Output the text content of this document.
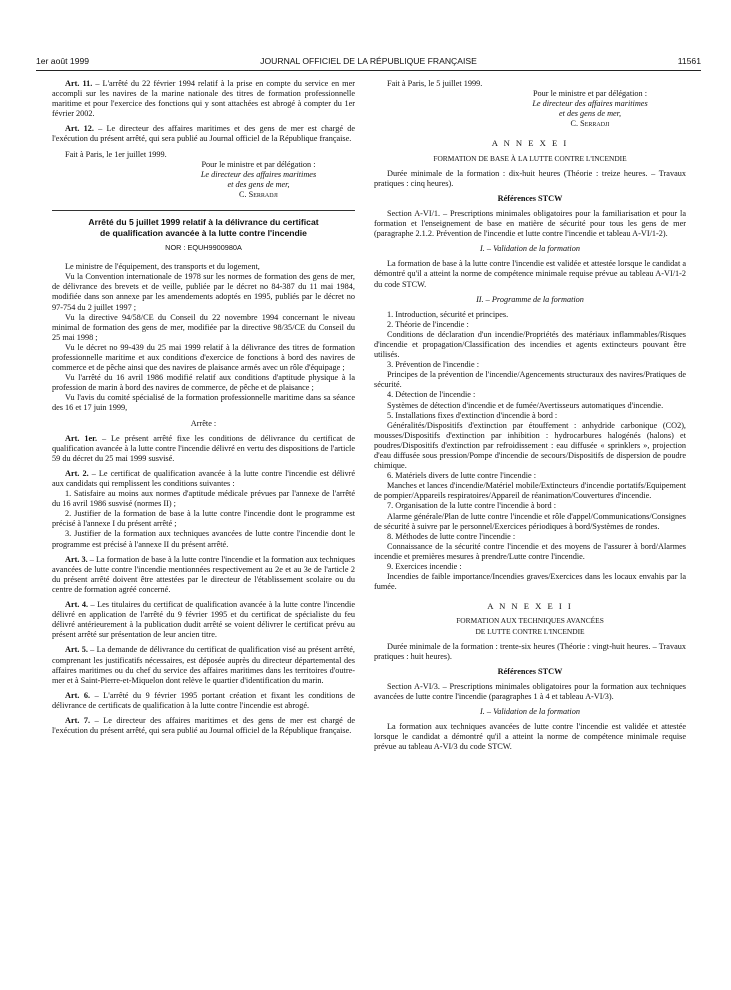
1er août 1999	JOURNAL OFFICIEL DE LA RÉPUBLIQUE FRANÇAISE	11561

Art. 11. – L'arrêté du 22 février 1994 relatif à la prise en compte du service en mer accompli sur les navires de la marine nationale des titres de formation professionnelle maritime et pour l'exercice des fonctions qui y sont attachées est abrogé à compter du 1er février 2002.

Art. 12. – Le directeur des affaires maritimes et des gens de mer est chargé de l'exécution du présent arrêté, qui sera publié au Journal officiel de la République française.

Fait à Paris, le 1er juillet 1999.

Pour le ministre et par délégation :

Le directeur des affaires maritimes

et des gens de mer,

C. Serradji

Arrêté du 5 juillet 1999 relatif à la délivrance du certificat

de qualification avancée à la lutte contre l'incendie

NOR : EQUH9900980A

Le ministre de l'équipement, des transports et du logement,

Vu la Convention internationale de 1978 sur les normes de formation des gens de mer, de délivrance des brevets et de veille, publiée par le décret no 84-387 du 11 mai 1984, modifiée dans son annexe par les amendements adoptés en 1995, publiés par le décret no 97-754 du 2 juillet 1997 ;

Vu la directive 94/58/CE du Conseil du 22 novembre 1994 concernant le niveau minimal de formation des gens de mer, modifiée par la directive 98/35/CE du Conseil du 25 mai 1998 ;

Vu le décret no 99-439 du 25 mai 1999 relatif à la délivrance des titres de formation professionnelle maritime et aux conditions d'exercice de fonctions à bord des navires de commerce et de pêche ainsi que des navires de plaisance armés avec un rôle d'équipage ;

Vu l'arrêté du 16 avril 1986 modifié relatif aux conditions d'aptitude physique à la profession de marin à bord des navires de commerce, de pêche et de plaisance ;

Vu l'avis du comité spécialisé de la formation professionnelle maritime dans sa séance des 16 et 17 juin 1999,

Arrête :

Art. 1er. – Le présent arrêté fixe les conditions de délivrance du certificat de qualification avancée à la lutte contre l'incendie délivré en vertu des dispositions de l'article 59 du décret du 25 mai 1999 susvisé.

Art. 2. – Le certificat de qualification avancée à la lutte contre l'incendie est délivré aux candidats qui remplissent les conditions suivantes :

1. Satisfaire au moins aux normes d'aptitude médicale prévues par l'annexe de l'arrêté du 16 avril 1986 susvisé (normes II) ;

2. Justifier de la formation de base à la lutte contre l'incendie dont le programme est précisé à l'annexe I du présent arrêté ;

3. Justifier de la formation aux techniques avancées de lutte contre l'incendie dont le programme est précisé à l'annexe II du présent arrêté.

Art. 3. – La formation de base à la lutte contre l'incendie et la formation aux techniques avancées de lutte contre l'incendie mentionnées respectivement au 2e et au 3e de l'article 2 du présent arrêté doivent être attestées par le directeur de l'établissement scolaire ou du centre de formation agréé concerné.

Art. 4. – Les titulaires du certificat de qualification avancée à la lutte contre l'incendie délivré en application de l'arrêté du 9 février 1995 et du certificat de spécialiste du feu délivré antérieurement à la publication dudit arrêté se voient délivrer le certificat prévu au présent arrêté sur présentation de leur ancien titre.

Art. 5. – La demande de délivrance du certificat de qualification visé au présent arrêté, comprenant les justificatifs nécessaires, est déposée auprès du directeur départemental des affaires maritimes ou du chef du service des affaires maritimes dans les territoires d'outre-mer et à Saint-Pierre-et-Miquelon dont relève le quartier d'identification du marin.

Art. 6. – L'arrêté du 9 février 1995 portant création et fixant les conditions de délivrance de certificats de qualification à la lutte contre l'incendie est abrogé.

Art. 7. – Le directeur des affaires maritimes et des gens de mer est chargé de l'exécution du présent arrêté, qui sera publié au Journal officiel de la République française.

Fait à Paris, le 5 juillet 1999.

Pour le ministre et par délégation :

Le directeur des affaires maritimes

et des gens de mer,

C. Serradji

A N N E X E I

FORMATION DE BASE À LA LUTTE CONTRE L'INCENDIE

Durée minimale de la formation : dix-huit heures (Théorie : treize heures. – Travaux pratiques : cinq heures).

Références STCW

Section A-VI/1. – Prescriptions minimales obligatoires pour la familiarisation et pour la formation et l'enseignement de base en matière de sécurité pour tous les gens de mer (paragraphe 2.1.2. Prévention de l'incendie et lutte contre l'incendie et tableau A-VI/1-2).

I. – Validation de la formation

La formation de base à la lutte contre l'incendie est validée et attestée lorsque le candidat a démontré qu'il a atteint la norme de compétence minimale requise prévue au tableau A-VI/1-2 du code STCW.

II. – Programme de la formation

1. Introduction, sécurité et principes.

2. Théorie de l'incendie :

Conditions de déclaration d'un incendie/Propriétés des matériaux inflammables/Risques d'incendie et propagation/Classification des incendies et agents extincteurs pouvant être utilisés.

3. Prévention de l'incendie :

Principes de la prévention de l'incendie/Agencements structuraux des navires/Pratiques de sécurité.

4. Détection de l'incendie :

Systèmes de détection d'incendie et de fumée/Avertisseurs automatiques d'incendie.

5. Installations fixes d'extinction d'incendie à bord :

Généralités/Dispositifs d'extinction par étouffement : anhydride carbonique (CO2), mousses/Dispositifs d'extinction par inhibition : hydrocarbures halogénés (halons) et poudres/Dispositifs d'extinction par refroidissement : eau diffusée « sprinklers », projection d'eau diffusée sous pression/Pompe d'incendie de secours/Dispositifs de dispersion de poudre chimique.

6. Matériels divers de lutte contre l'incendie :

Manches et lances d'incendie/Matériel mobile/Extincteurs d'incendie portatifs/Equipement de pompier/Appareils respiratoires/Appareil de réanimation/Couvertures d'incendie.

7. Organisation de la lutte contre l'incendie à bord :

Alarme générale/Plan de lutte contre l'incendie et rôle d'appel/Communications/Consignes de sécurité à suivre par le personnel/Exercices périodiques à bord/Systèmes de rondes.

8. Méthodes de lutte contre l'incendie :

Connaissance de la sécurité contre l'incendie et des moyens de l'assurer à bord/Alarmes incendie et premières mesures à prendre/Lutte contre l'incendie.

9. Exercices incendie :

Incendies de faible importance/Incendies graves/Exercices dans les locaux envahis par la fumée.

A N N E X E I I

FORMATION AUX TECHNIQUES AVANCÉES

DE LUTTE CONTRE L'INCENDIE

Durée minimale de la formation : trente-six heures (Théorie : vingt-huit heures. – Travaux pratiques : huit heures).

Références STCW

Section A-VI/3. – Prescriptions minimales obligatoires pour la formation aux techniques avancées de lutte contre l'incendie (paragraphes 1 à 4 et tableau A-VI/3).

I. – Validation de la formation

La formation aux techniques avancées de lutte contre l'incendie est validée et attestée lorsque le candidat a démontré qu'il a atteint la norme de compétence minimale requise prévue au tableau A-VI/3 du code STCW.
